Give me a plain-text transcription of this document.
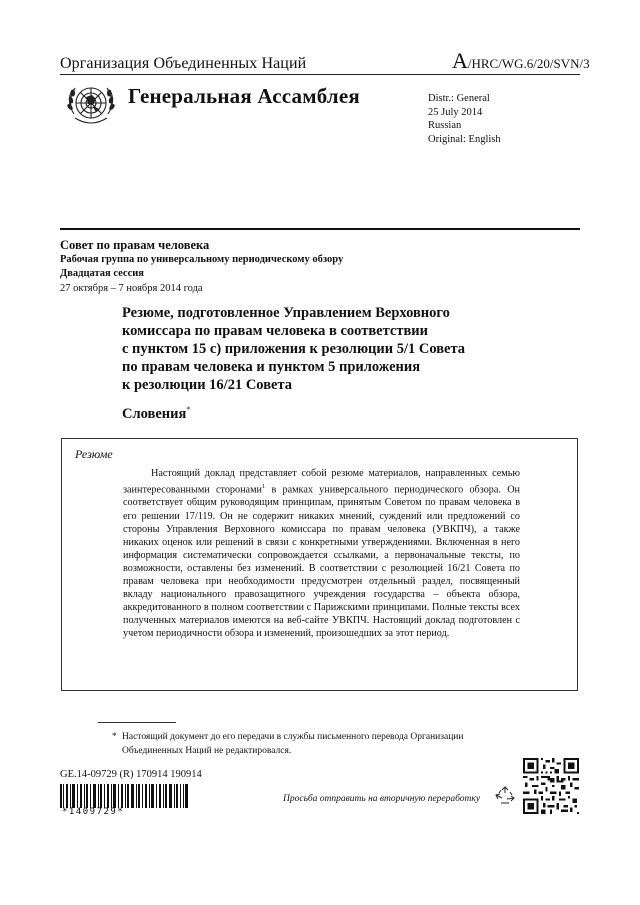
Организация Объединенных Наций	A/HRC/WG.6/20/SVN/3
Генеральная Ассамблея	Distr.: General
25 July 2014
Russian
Original: English
Совет по правам человека
Рабочая группа по универсальному периодическому обзору
Двадцатая сессия
27 октября – 7 ноября 2014 года
Резюме, подготовленное Управлением Верховного
комиссара по правам человека в соответствии
с пунктом 15 c) приложения к резолюции 5/1 Совета
по правам человека и пунктом 5 приложения
к резолюции 16/21 Совета
Словения*
Резюме

Настоящий доклад представляет собой резюме материалов, направленных семью заинтересованными сторонами$^1$ в рамках универсального периодического обзора. Он соответствует общим руководящим принципам, принятым Советом по правам человека в его решении 17/119. Он не содержит никаких мнений, суждений или предложений со стороны Управления Верховного комиссара по правам человека (УВКПЧ), а также никаких оценок или решений в связи с конкретными утверждениями. Включенная в него информация систематически сопровождается ссылками, а первоначальные тексты, по возможности, оставлены без изменений. В соответствии с резолюцией 16/21 Совета по правам человека при необходимости предусмотрен отдельный раздел, посвященный вкладу национального правозащитного учреждения государства – объекта обзора, аккредитованного в полном соответствии с Парижскими принципами. Полные тексты всех полученных материалов имеются на веб-сайте УВКПЧ. Настоящий доклад подготовлен с учетом периодичности обзора и изменений, произошедших за этот период.

* Настоящий документ до его передачи в службы письменного перевода Организации Объединенных Наций не редактировался.
GE.14-09729 (R) 170914 190914
*1409729*
Просьба отправить на вторичную переработку
